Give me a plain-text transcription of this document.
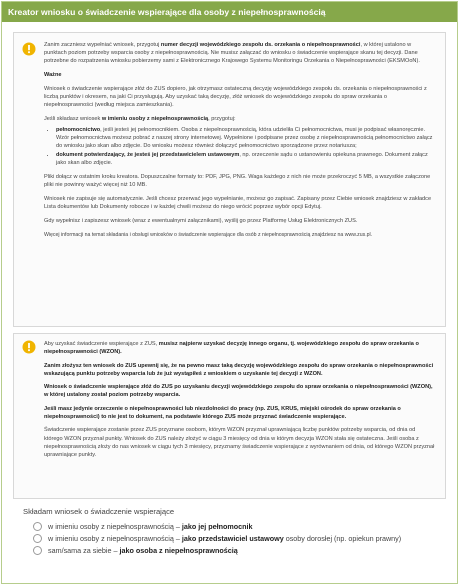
Kreator wniosku o świadczenie wspierające dla osoby z niepełnosprawnością

Zanim zaczniesz wypełniać wniosek, przygotuj numer decyzji wojewódzkiego zespołu ds. orzekania o niepełnosprawności, w której ustalono w punktach poziom potrzeby wsparcia osoby z niepełnosprawnością. Nie musisz załączać do wniosku o świadczenie wspierające skanu tej decyzji. Dane potrzebne do rozpatrzenia wniosku pobierzemy sami z Elektronicznego Krajowego Systemu Monitoringu Orzekania o Niepełnosprawności (EKSMOoN).

Ważne

Wniosek o świadczenie wspierające złóż do ZUS dopiero, jak otrzymasz ostateczną decyzję wojewódzkiego zespołu ds. orzekania o niepełnosprawności z liczbą punktów i okresem, na jaki Ci przysługują. Aby uzyskać taką decyzję, złóż wniosek do wojewódzkiego zespołu do spraw orzekania o niepełnosprawności (według miejsca zamieszkania).

Jeśli składasz wniosek w imieniu osoby z niepełnosprawnością, przygotuj:

• pełnomocnictwo, jeśli jesteś jej pełnomocnikiem. Osoba z niepełnosprawnością, która udzieliła Ci pełnomocnictwa, musi je podpisać własnoręcznie. Wzór pełnomocnictwa możesz pobrać z naszej strony internetowej. Wypełnione i podpisane przez osobę z niepełnosprawnością pełnomocnictwo załącz do wniosku jako skan albo zdjęcie. Do wniosku możesz również dołączyć pełnomocnictwo sporządzone przez notariusza;
• dokument potwierdzający, że jesteś jej przedstawicielem ustawowym, np. orzeczenie sądu o ustanowieniu opiekuna prawnego. Dokument załącz jako skan albo zdjęcie.

Pliki dołącz w ostatnim kroku kreatora. Dopuszczalne formaty to: PDF, JPG, PNG. Waga każdego z nich nie może przekroczyć 5 MB, a wszystkie załączone pliki nie powinny ważyć więcej niż 10 MB.

Wniosek nie zapisuje się automatycznie. Jeśli chcesz przerwać jego wypełnianie, możesz go zapisać. Zapisany przez Ciebie wniosek znajdziesz w zakładce Lista dokumentów lub Dokumenty robocze i w każdej chwili możesz do niego wrócić poprzez wybór opcji Edytuj.

Gdy wypełnisz i zapiszesz wniosek (wraz z ewentualnymi załącznikami), wyślij go przez Platformę Usług Elektronicznych ZUS.

Więcej informacji na temat składania i obsługi wniosków o świadczenie wspierające dla osób z niepełnosprawnością znajdziesz na www.zus.pl.

Aby uzyskać świadczenie wspierające z ZUS, musisz najpierw uzyskać decyzję innego organu, tj. wojewódzkiego zespołu do spraw orzekania o niepełnosprawności (WZON).

Zanim złożysz ten wniosek do ZUS upewnij się, że na pewno masz taką decyzję wojewódzkiego zespołu do spraw orzekania o niepełnosprawności wskazującą punktu potrzeby wsparcia lub że już wystąpiłeś z wnioskiem o uzyskanie tej decyzji z WZON.

Wniosek o świadczenie wspierające złóż do ZUS po uzyskaniu decyzji wojewódzkiego zespołu do spraw orzekania o niepełnosprawności (WZON), w której ustalony został poziom potrzeby wsparcia.

Jeśli masz jedynie orzeczenie o niepełnosprawności lub niezdolności do pracy (np. ZUS, KRUS, miejski ośrodek do spraw orzekania o niepełnosprawności) to nie jest to dokument, na podstawie którego ZUS może przyznać świadczenie wspierające.

Świadczenie wspierające zostanie przez ZUS przyznane osobom, którym WZON przyznał uprawniającą liczbę punktów potrzeby wsparcia, od dnia od którego WZON przyznał punkty. Wniosek do ZUS należy złożyć w ciągu 3 miesięcy od dnia w którym decyzja WZON stała się ostateczna. Jeśli osoba z niepełnosprawnością złoży do nas wniosek w ciągu tych 3 miesięcy, przyznamy świadczenie wspierające z wyrównaniem od dnia, od którego WZON przyznał uprawniające punkty.

Składam wniosek o świadczenie wspierające
w imieniu osoby z niepełnosprawnością – jako jej pełnomocnik
w imieniu osoby z niepełnosprawnością – jako przedstawiciel ustawowy osoby dorosłej (np. opiekun prawny)
sam/sama za siebie – jako osoba z niepełnosprawnością
